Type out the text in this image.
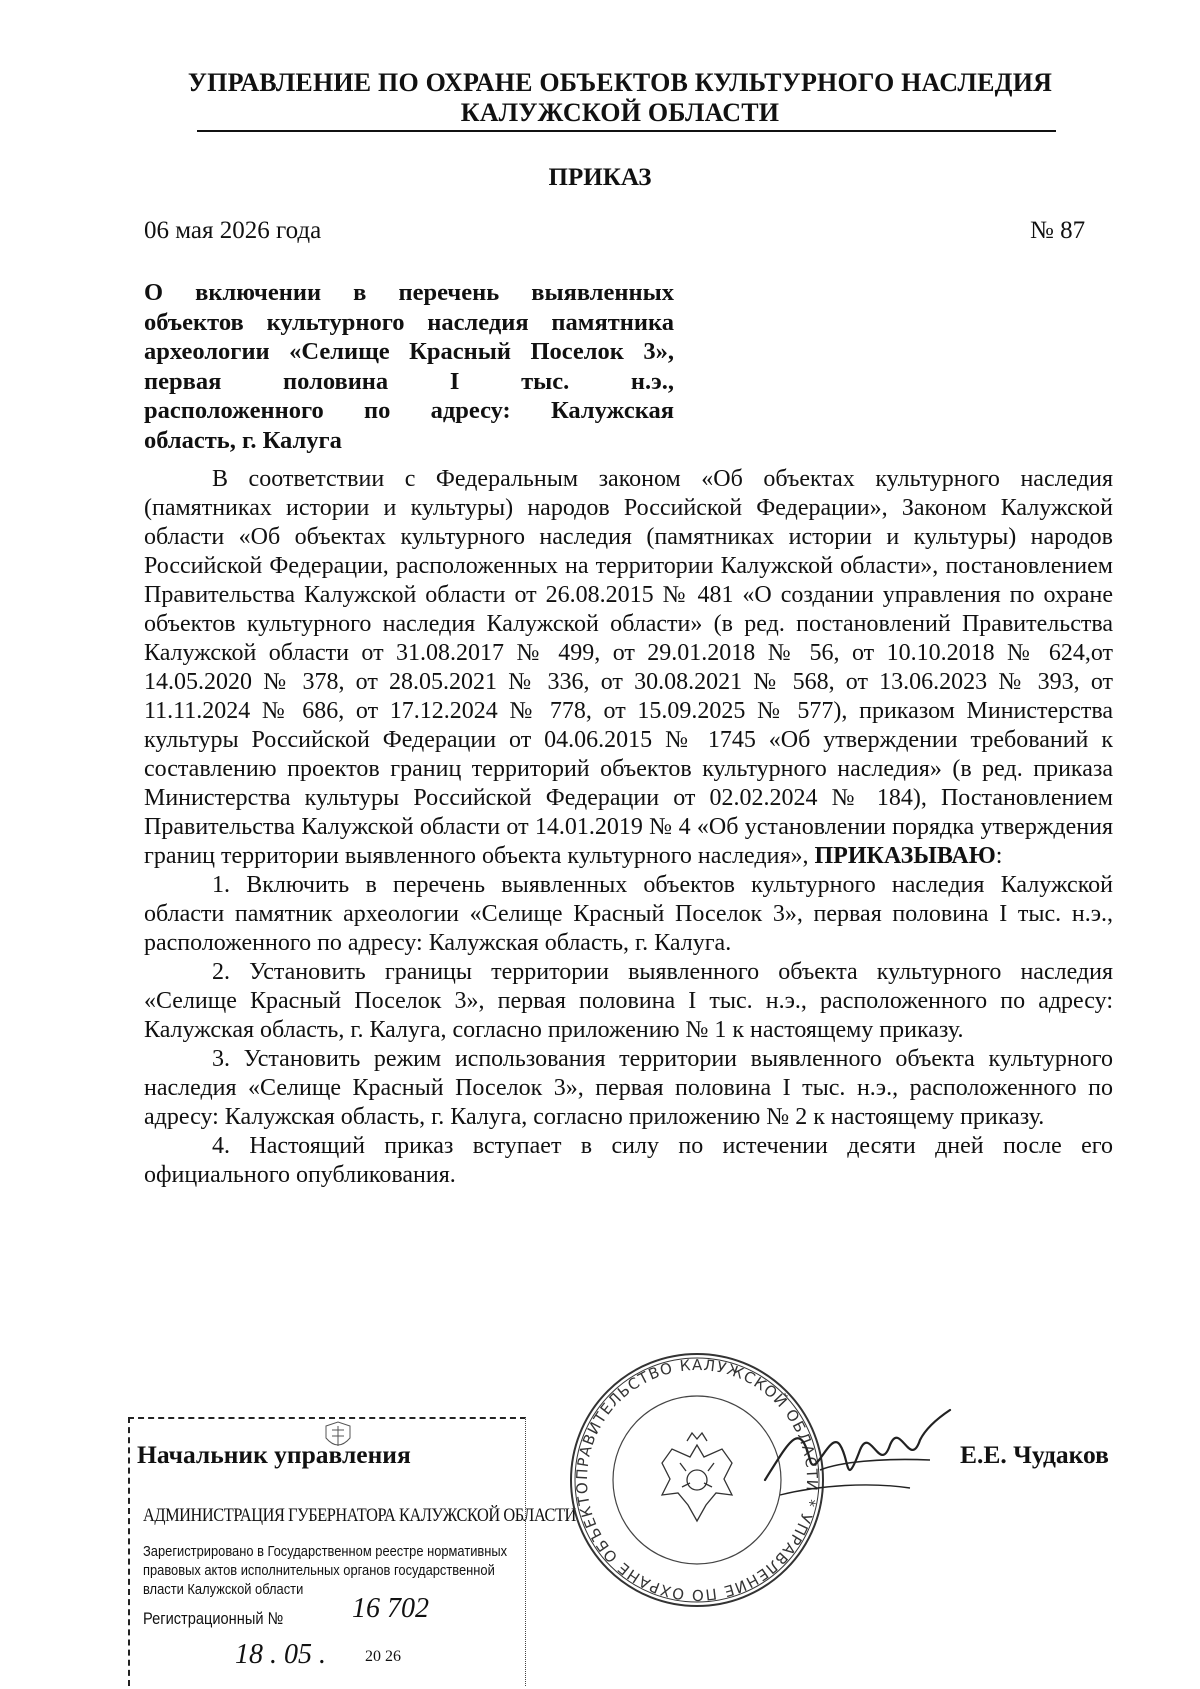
УПРАВЛЕНИЕ ПО ОХРАНЕ ОБЪЕКТОВ КУЛЬТУРНОГО НАСЛЕДИЯ
КАЛУЖСКОЙ ОБЛАСТИ
ПРИКАЗ
06 мая 2026 года	№ 87
О включении в перечень выявленных
объектов культурного наследия памятника
археологии «Селище Красный Поселок 3»,
первая половина I тыс. н.э.,
расположенного по адресу: Калужская
область, г. Калуга

В соответствии с Федеральным законом «Об объектах культурного наследия (памятниках истории и культуры) народов Российской Федерации», Законом Калужской области «Об объектах культурного наследия (памятниках истории и культуры) народов Российской Федерации, расположенных на территории Калужской области», постановлением Правительства Калужской области от 26.08.2015 № 481 «О создании управления по охране объектов культурного наследия Калужской области» (в ред. постановлений Правительства Калужской области от 31.08.2017 № 499, от 29.01.2018 № 56, от 10.10.2018 № 624,от 14.05.2020 № 378, от 28.05.2021 № 336, от 30.08.2021 № 568, от 13.06.2023 № 393, от 11.11.2024 № 686, от 17.12.2024 № 778, от 15.09.2025 № 577), приказом Министерства культуры Российской Федерации от 04.06.2015 № 1745 «Об утверждении требований к составлению проектов границ территорий объектов культурного наследия» (в ред. приказа Министерства культуры Российской Федерации от 02.02.2024 № 184), Постановлением Правительства Калужской области от 14.01.2019 № 4 «Об установлении порядка утверждения границ территории выявленного объекта культурного наследия», ПРИКАЗЫВАЮ:

1. Включить в перечень выявленных объектов культурного наследия Калужской области памятник археологии «Селище Красный Поселок 3», первая половина I тыс. н.э., расположенного по адресу: Калужская область, г. Калуга.

2. Установить границы территории выявленного объекта культурного наследия «Селище Красный Поселок 3», первая половина I тыс. н.э., расположенного по адресу: Калужская область, г. Калуга, согласно приложению № 1 к настоящему приказу.

3. Установить режим использования территории выявленного объекта культурного наследия «Селище Красный Поселок 3», первая половина I тыс. н.э., расположенного по адресу: Калужская область, г. Калуга, согласно приложению № 2 к настоящему приказу.

4. Настоящий приказ вступает в силу по истечении десяти дней после его официального опубликования.

Начальник управления
АДМИНИСТРАЦИЯ ГУБЕРНАТОРА КАЛУЖСКОЙ ОБЛАСТИ
Зарегистрировано в Государственном реестре нормативных правовых актов исполнительных органов государственной власти Калужской области
Регистрационный № 16 702
18 . 05 . 20 26
ПРАВИТЕЛЬСТВО КАЛУЖСКОЙ ОБЛАСТИ * УПРАВЛЕНИЕ ПО ОХРАНЕ ОБЪЕКТО
Е.Е. Чудаков
